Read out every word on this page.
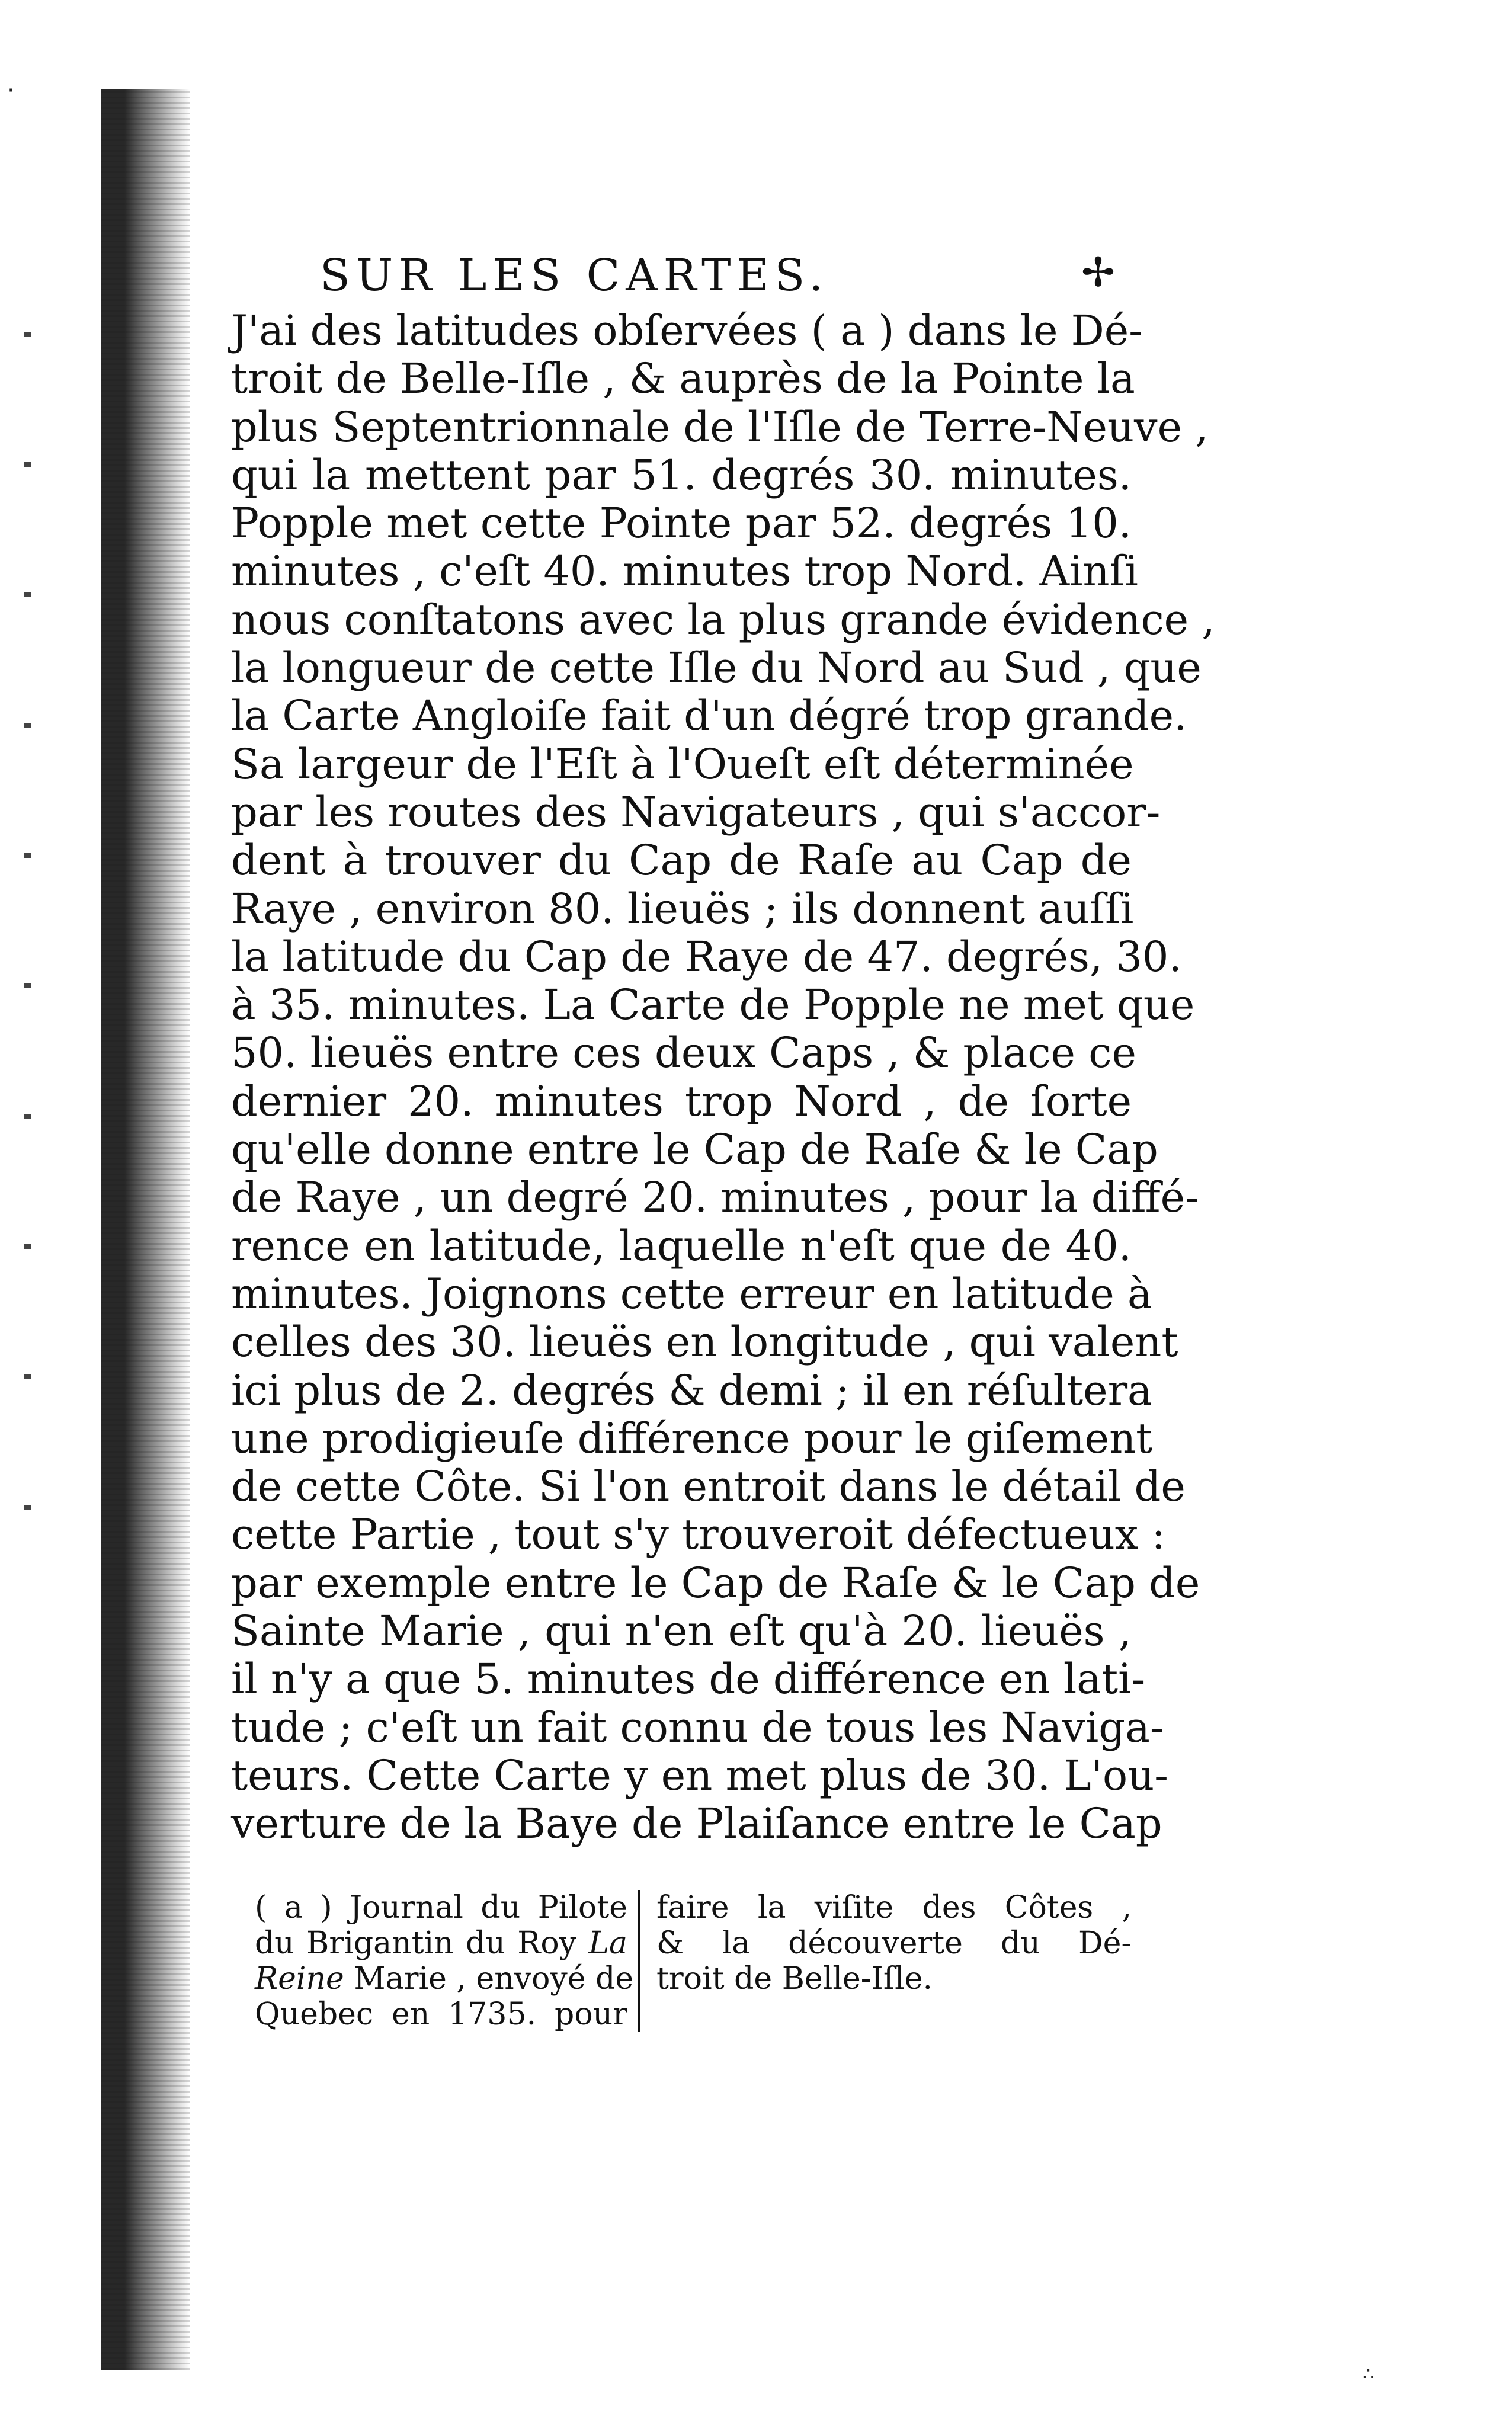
·
∴
SUR LES CARTES.	✢
J'ai des latitudes obſervées ( a ) dans le Dé-
troit de Belle-Iſle , & auprès de la Pointe la
plus Septentrionnale de l'Iſle de Terre-Neuve ,
qui la mettent par 51. degrés 30. minutes.
Popple met cette Pointe par 52. degrés 10.
minutes , c'eſt 40. minutes trop Nord. Ainſi
nous conſtatons avec la plus grande évidence ,
la longueur de cette Iſle du Nord au Sud , que
la Carte Angloiſe fait d'un dégré trop grande.
Sa largeur de l'Eſt à l'Oueſt eſt déterminée
par les routes des Navigateurs , qui s'accor-
dent à trouver du Cap de Raſe au Cap de
Raye , environ 80. lieuës ; ils donnent auſſi
la latitude du Cap de Raye de 47. degrés, 30.
à 35. minutes. La Carte de Popple ne met que
50. lieuës entre ces deux Caps , & place ce
dernier 20. minutes trop Nord , de ſorte
qu'elle donne entre le Cap de Raſe & le Cap
de Raye , un degré 20. minutes , pour la diffé-
rence en latitude, laquelle n'eſt que de 40.
minutes. Joignons cette erreur en latitude à
celles des 30. lieuës en longitude , qui valent
ici plus de 2. degrés & demi ; il en réſultera
une prodigieuſe différence pour le giſement
de cette Côte. Si l'on entroit dans le détail de
cette Partie , tout s'y trouveroit défectueux :
par exemple entre le Cap de Raſe & le Cap de
Sainte Marie , qui n'en eſt qu'à 20. lieuës ,
il n'y a que 5. minutes de différence en lati-
tude ; c'eſt un fait connu de tous les Naviga-
teurs. Cette Carte y en met plus de 30. L'ou-
verture de la Baye de Plaiſance entre le Cap
( a ) Journal du Pilote
du Brigantin du Roy La
Reine Marie , envoyé de
Quebec en 1735. pour
faire la viſite des Côtes ,
& la découverte du Dé-
troit de Belle-Iſle.
